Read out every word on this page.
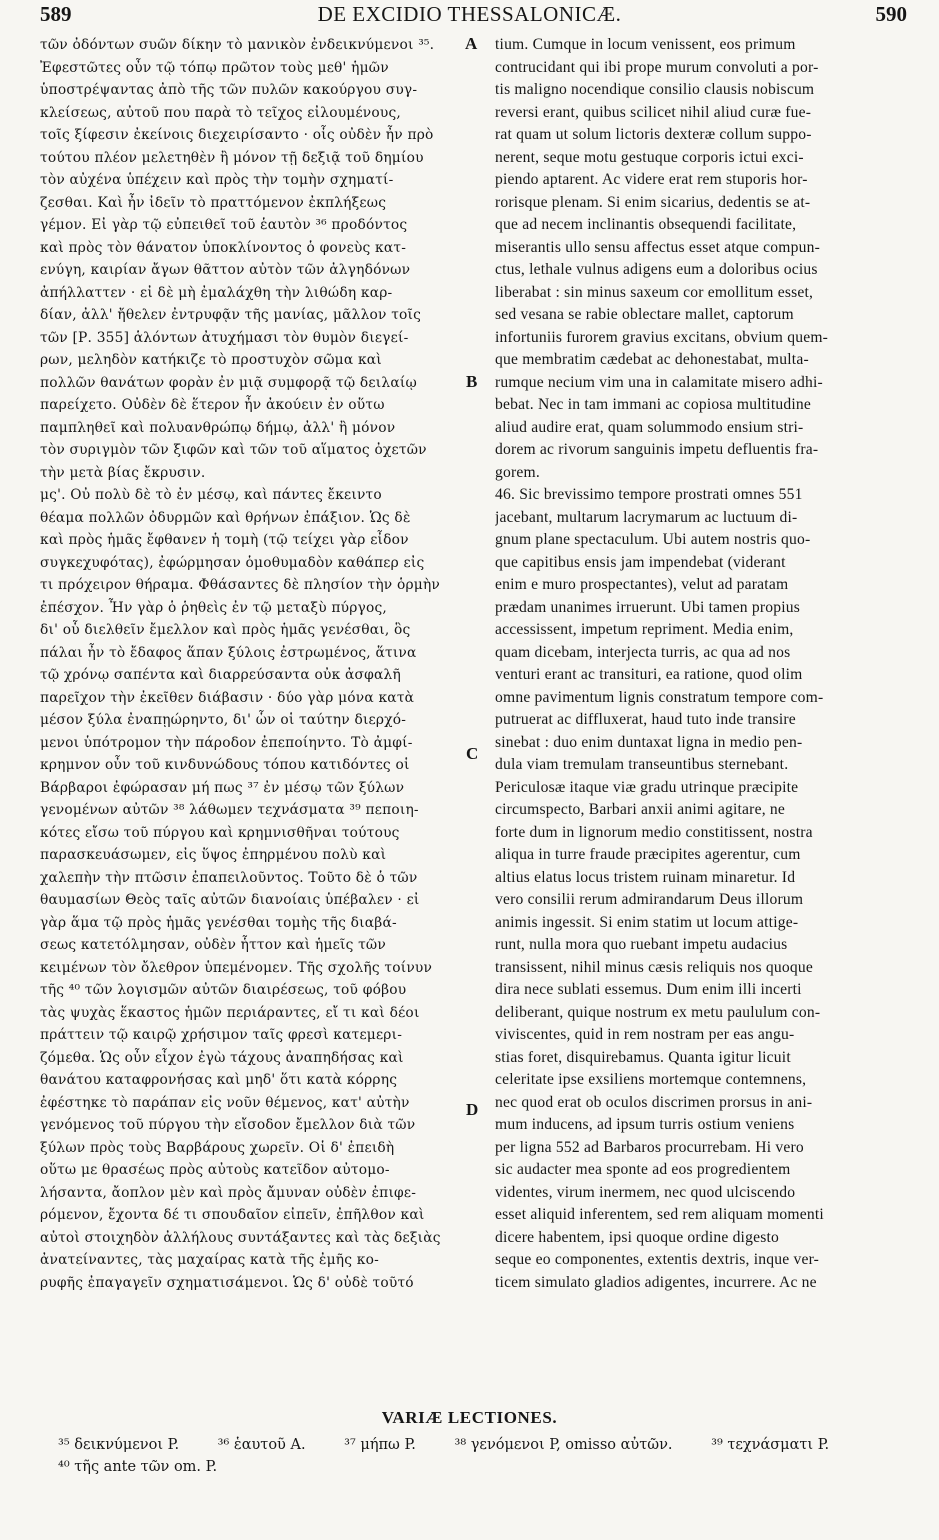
589	DE EXCIDIO THESSALONICÆ.	590
τῶν ὀδόντων συῶν δίκην τὸ μανικὸν ἐνδεικνύμενοι ³⁵.
Ἐφεστῶτες οὖν τῷ τόπῳ πρῶτον τοὺς μεθ' ἡμῶν
ὑποστρέψαντας ἀπὸ τῆς τῶν πυλῶν κακούργου συγ-
κλείσεως, αὐτοῦ που παρὰ τὸ τεῖχος εἰλουμένους,
τοῖς ξίφεσιν ἐκείνοις διεχειρίσαντο · οἷς οὐδὲν ἦν πρὸ
τούτου πλέον μελετηθὲν ἢ μόνον τῇ δεξιᾷ τοῦ δημίου
τὸν αὐχένα ὑπέχειν καὶ πρὸς τὴν τομὴν σχηματί-
ζεσθαι. Καὶ ἦν ἰδεῖν τὸ πραττόμενον ἐκπλήξεως
γέμον. Εἰ γὰρ τῷ εὐπειθεῖ τοῦ ἑαυτὸν ³⁶ προδόντος
καὶ πρὸς τὸν θάνατον ὑποκλίνοντος ὁ φονεὺς κατ-
ενύγη, καιρίαν ἄγων θᾶττον αὐτὸν τῶν ἀλγηδόνων
ἀπήλλαττεν · εἰ δὲ μὴ ἐμαλάχθη τὴν λιθώδη καρ-
δίαν, ἀλλ' ἤθελεν ἐντρυφᾷν τῆς μανίας, μᾶλλον τοῖς
τῶν [Ρ. 355] ἁλόντων ἀτυχήμασι τὸν θυμὸν διεγεί-
ρων, μεληδὸν κατήκιζε τὸ προστυχὸν σῶμα καὶ
πολλῶν θανάτων φορὰν ἐν μιᾷ συμφορᾷ τῷ δειλαίῳ
παρείχετο. Οὐδὲν δὲ ἕτερον ἦν ἀκούειν ἐν οὕτω
παμπληθεῖ καὶ πολυανθρώπῳ δήμῳ, ἀλλ' ἢ μόνον
τὸν συριγμὸν τῶν ξιφῶν καὶ τῶν τοῦ αἵματος ὀχετῶν
τὴν μετὰ βίας ἔκρυσιν.
μς'. Οὐ πολὺ δὲ τὸ ἐν μέσῳ, καὶ πάντες ἔκειντο
θέαμα πολλῶν ὀδυρμῶν καὶ θρήνων ἐπάξιον. Ὡς δὲ
καὶ πρὸς ἡμᾶς ἔφθανεν ἡ τομὴ (τῷ τείχει γὰρ εἶδον
συγκεχυφότας), ἐφώρμησαν ὁμοθυμαδὸν καθάπερ εἰς
τι πρόχειρον θήραμα. Φθάσαντες δὲ πλησίον τὴν ὁρμὴν
ἐπέσχον. Ἦν γὰρ ὁ ῥηθεὶς ἐν τῷ μεταξὺ πύργος,
δι' οὗ διελθεῖν ἔμελλον καὶ πρὸς ἡμᾶς γενέσθαι, ὃς
πάλαι ἦν τὸ ἔδαφος ἅπαν ξύλοις ἐστρωμένος, ἅτινα
τῷ χρόνῳ σαπέντα καὶ διαρρεύσαντα οὐκ ἀσφαλῆ
παρεῖχον τὴν ἐκεῖθεν διάβασιν · δύο γὰρ μόνα κατὰ
μέσον ξύλα ἐναπῃώρηντο, δι' ὧν οἱ ταύτην διερχό-
μενοι ὑπότρομον τὴν πάροδον ἐπεποίηντο. Τὸ ἀμφί-
κρημνον οὖν τοῦ κινδυνώδους τόπου κατιδόντες οἱ
Βάρβαροι ἐφώρασαν μή πως ³⁷ ἐν μέσῳ τῶν ξύλων
γενομένων αὐτῶν ³⁸ λάθωμεν τεχνάσματα ³⁹ πεποιη-
κότες εἴσω τοῦ πύργου καὶ κρημνισθῆναι τούτους
παρασκευάσωμεν, εἰς ὕψος ἐπηρμένου πολὺ καὶ
χαλεπὴν τὴν πτῶσιν ἐπαπειλοῦντος. Τοῦτο δὲ ὁ τῶν
θαυμασίων Θεὸς ταῖς αὐτῶν διανοίαις ὑπέβαλεν · εἰ
γὰρ ἅμα τῷ πρὸς ἡμᾶς γενέσθαι τομὴς τῆς διαβά-
σεως κατετόλμησαν, οὐδὲν ἧττον καὶ ἡμεῖς τῶν
κειμένων τὸν ὄλεθρον ὑπεμένομεν. Τῆς σχολῆς τοίνυν
τῆς ⁴⁰ τῶν λογισμῶν αὐτῶν διαιρέσεως, τοῦ φόβου
τὰς ψυχὰς ἕκαστος ἡμῶν περιάραντες, εἴ τι καὶ δέοι
πράττειν τῷ καιρῷ χρήσιμον ταῖς φρεσὶ κατεμερι-
ζόμεθα. Ὡς οὖν εἶχον ἐγὼ τάχους ἀναπηδήσας καὶ
θανάτου καταφρονήσας καὶ μηδ' ὅτι κατὰ κόρρης
ἐφέστηκε τὸ παράπαν εἰς νοῦν θέμενος, κατ' αὐτὴν
γενόμενος τοῦ πύργου τὴν εἴσοδον ἔμελλον διὰ τῶν
ξύλων πρὸς τοὺς Βαρβάρους χωρεῖν. Οἱ δ' ἐπειδὴ
οὕτω με θρασέως πρὸς αὐτοὺς κατεῖδον αὐτομο-
λήσαντα, ἄοπλον μὲν καὶ πρὸς ἄμυναν οὐδὲν ἐπιφε-
ρόμενον, ἔχοντα δέ τι σπουδαῖον εἰπεῖν, ἐπῆλθον καὶ
αὐτοὶ στοιχηδὸν ἀλλήλους συντάξαντες καὶ τὰς δεξιὰς
ἀνατείναντες, τὰς μαχαίρας κατὰ τῆς ἐμῆς κο-
ρυφῆς ἐπαγαγεῖν σχηματισάμενοι. Ὡς δ' οὐδὲ τοῦτό
tium. Cumque in locum venissent, eos primum
contrucidant qui ibi prope murum convoluti a por-
tis maligno nocendique consilio clausis nobiscum
reversi erant, quibus scilicet nihil aliud curæ fue-
rat quam ut solum lictoris dexteræ collum suppo-
nerent, seque motu gestuque corporis ictui exci-
piendo aptarent. Ac videre erat rem stuporis hor-
rorisque plenam. Si enim sicarius, dedentis se at-
que ad necem inclinantis obsequendi facilitate,
miserantis ullo sensu affectus esset atque compun-
ctus, lethale vulnus adigens eum a doloribus ocius
liberabat : sin minus saxeum cor emollitum esset,
sed vesana se rabie oblectare mallet, captorum
infortuniis furorem gravius excitans, obvium quem-
que membratim cædebat ac dehonestabat, multa-
rumque necium vim una in calamitate misero adhi-
bebat. Nec in tam immani ac copiosa multitudine
aliud audire erat, quam solummodo ensium stri-
dorem ac rivorum sanguinis impetu defluentis fra-
gorem.
46. Sic brevissimo tempore prostrati omnes 551
jacebant, multarum lacrymarum ac luctuum di-
gnum plane spectaculum. Ubi autem nostris quo-
que capitibus ensis jam impendebat (viderant
enim e muro prospectantes), velut ad paratam
prædam unanimes irruerunt. Ubi tamen propius
accessissent, impetum repriment. Media enim,
quam dicebam, interjecta turris, ac qua ad nos
venturi erant ac transituri, ea ratione, quod olim
omne pavimentum lignis constratum tempore com-
putruerat ac diffluxerat, haud tuto inde transire
sinebat : duo enim duntaxat ligna in medio pen-
dula viam tremulam transeuntibus sternebant.
Periculosæ itaque viæ gradu utrinque præcipite
circumspecto, Barbari anxii animi agitare, ne
forte dum in lignorum medio constitissent, nostra
aliqua in turre fraude præcipites agerentur, cum
altius elatus locus tristem ruinam minaretur. Id
vero consilii rerum admirandarum Deus illorum
animis ingessit. Si enim statim ut locum attige-
runt, nulla mora quo ruebant impetu audacius
transissent, nihil minus cæsis reliquis nos quoque
dira nece sublati essemus. Dum enim illi incerti
deliberant, quique nostrum ex metu paululum con-
viviscentes, quid in rem nostram per eas angu-
stias foret, disquirebamus. Quanta igitur licuit
celeritate ipse exsiliens mortemque contemnens,
nec quod erat ob oculos discrimen prorsus in ani-
mum inducens, ad ipsum turris ostium veniens
per ligna 552 ad Barbaros procurrebam. Hi vero
sic audacter mea sponte ad eos progredientem
videntes, virum inermem, nec quod ulciscendo
esset aliquid inferentem, sed rem aliquam momenti
dicere habentem, ipsi quoque ordine digesto
seque eo componentes, extentis dextris, inque ver-
ticem simulato gladios adigentes, incurrere. Ac ne
A
B
C
D
VARIÆ LECTIONES.
³⁵ δεικνύμενοι P.	³⁶ ἑαυτοῦ A.	³⁷ μήπω P.	³⁸ γενόμενοι P, omisso αὐτῶν.	³⁹ τεχνάσματι P.
⁴⁰ τῆς ante τῶν om. P.
